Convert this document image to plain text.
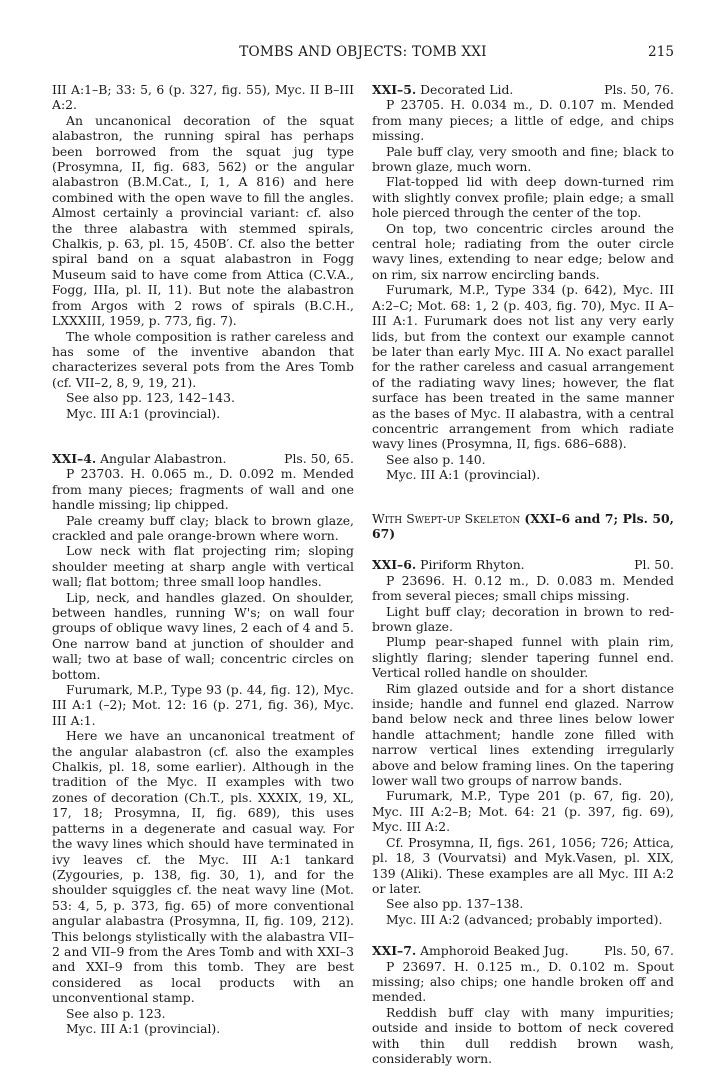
TOMBS AND OBJECTS: TOMB XXI	215

III A:1–B; 33: 5, 6 (p. 327, fig. 55), Myc. II B–III A:2.

An uncanonical decoration of the squat alabastron, the running spiral has perhaps been borrowed from the squat jug type (Prosymna, II, fig. 683, 562) or the angular alabastron (B.M.Cat., I, 1, A 816) and here combined with the open wave to fill the angles. Almost certainly a provincial variant: cf. also the three alabastra with stemmed spirals, Chalkis, p. 63, pl. 15, 450B′. Cf. also the better spiral band on a squat alabastron in Fogg Museum said to have come from Attica (C.V.A., Fogg, IIIa, pl. II, 11). But note the alabastron from Argos with 2 rows of spirals (B.C.H., LXXXIII, 1959, p. 773, fig. 7).

The whole composition is rather careless and has some of the inventive abandon that characterizes several pots from the Ares Tomb (cf. VII–2, 8, 9, 19, 21).

See also pp. 123, 142–143.

Myc. III A:1 (provincial).

XXI–4. Angular Alabastron.	Pls. 50, 65.

P 23703. H. 0.065 m., D. 0.092 m. Mended from many pieces; fragments of wall and one handle missing; lip chipped.

Pale creamy buff clay; black to brown glaze, crackled and pale orange-brown where worn.

Low neck with flat projecting rim; sloping shoulder meeting at sharp angle with vertical wall; flat bottom; three small loop handles.

Lip, neck, and handles glazed. On shoulder, between handles, running W's; on wall four groups of oblique wavy lines, 2 each of 4 and 5. One narrow band at junction of shoulder and wall; two at base of wall; concentric circles on bottom.

Furumark, M.P., Type 93 (p. 44, fig. 12), Myc. III A:1 (–2); Mot. 12: 16 (p. 271, fig. 36), Myc. III A:1.

Here we have an uncanonical treatment of the angular alabastron (cf. also the examples Chalkis, pl. 18, some earlier). Although in the tradition of the Myc. II examples with two zones of decoration (Ch.T., pls. XXXIX, 19, XL, 17, 18; Prosymna, II, fig. 689), this uses patterns in a degenerate and casual way. For the wavy lines which should have terminated in ivy leaves cf. the Myc. III A:1 tankard (Zygouries, p. 138, fig. 30, 1), and for the shoulder squiggles cf. the neat wavy line (Mot. 53: 4, 5, p. 373, fig. 65) of more conventional angular alabastra (Prosymna, II, fig. 109, 212). This belongs stylistically with the alabastra VII–2 and VII–9 from the Ares Tomb and with XXI–3 and XXI–9 from this tomb. They are best considered as local products with an unconventional stamp.

See also p. 123.

Myc. III A:1 (provincial).

XXI–5. Decorated Lid.	Pls. 50, 76.

P 23705. H. 0.034 m., D. 0.107 m. Mended from many pieces; a little of edge, and chips missing.

Pale buff clay, very smooth and fine; black to brown glaze, much worn.

Flat-topped lid with deep down-turned rim with slightly convex profile; plain edge; a small hole pierced through the center of the top.

On top, two concentric circles around the central hole; radiating from the outer circle wavy lines, extending to near edge; below and on rim, six narrow encircling bands.

Furumark, M.P., Type 334 (p. 642), Myc. III A:2–C; Mot. 68: 1, 2 (p. 403, fig. 70), Myc. II A–III A:1. Furumark does not list any very early lids, but from the context our example cannot be later than early Myc. III A. No exact parallel for the rather careless and casual arrangement of the radiating wavy lines; however, the flat surface has been treated in the same manner as the bases of Myc. II alabastra, with a central concentric arrangement from which radiate wavy lines (Prosymna, II, figs. 686–688).

See also p. 140.

Myc. III A:1 (provincial).

With Swept-up Skeleton (XXI–6 and 7; Pls. 50, 67)

XXI–6. Piriform Rhyton.	Pl. 50.

P 23696. H. 0.12 m., D. 0.083 m. Mended from several pieces; small chips missing.

Light buff clay; decoration in brown to red-brown glaze.

Plump pear-shaped funnel with plain rim, slightly flaring; slender tapering funnel end. Vertical rolled handle on shoulder.

Rim glazed outside and for a short distance inside; handle and funnel end glazed. Narrow band below neck and three lines below lower handle attachment; handle zone filled with narrow vertical lines extending irregularly above and below framing lines. On the tapering lower wall two groups of narrow bands.

Furumark, M.P., Type 201 (p. 67, fig. 20), Myc. III A:2–B; Mot. 64: 21 (p. 397, fig. 69), Myc. III A:2.

Cf. Prosymna, II, figs. 261, 1056; 726; Attica, pl. 18, 3 (Vourvatsi) and Myk.Vasen, pl. XIX, 139 (Aliki). These examples are all Myc. III A:2 or later.

See also pp. 137–138.

Myc. III A:2 (advanced; probably imported).

XXI–7. Amphoroid Beaked Jug.	Pls. 50, 67.

P 23697. H. 0.125 m., D. 0.102 m. Spout missing; also chips; one handle broken off and mended.

Reddish buff clay with many impurities; outside and inside to bottom of neck covered with thin dull reddish brown wash, considerably worn.
